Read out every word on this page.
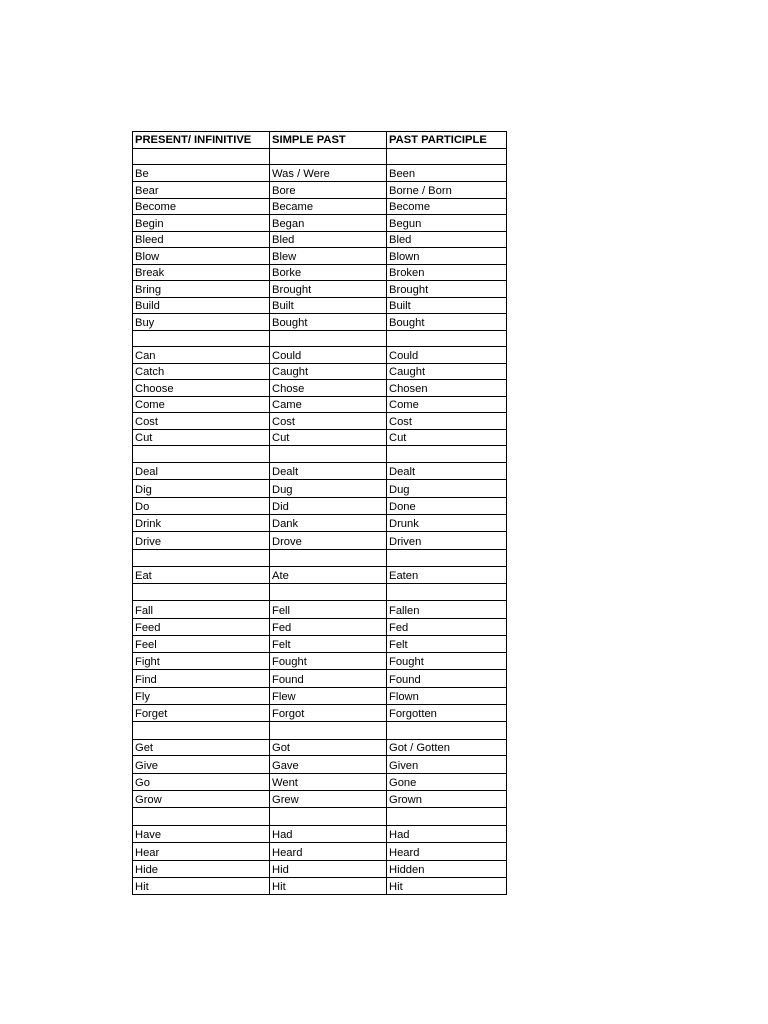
PRESENT/ INFINITIVE	SIMPLE PAST	PAST PARTICIPLE

Be	Was / Were	Been
Bear	Bore	Borne / Born
Become	Became	Become
Begin	Began	Begun
Bleed	Bled	Bled
Blow	Blew	Blown
Break	Borke	Broken
Bring	Brought	Brought
Build	Built	Built
Buy	Bought	Bought

Can	Could	Could
Catch	Caught	Caught
Choose	Chose	Chosen
Come	Came	Come
Cost	Cost	Cost
Cut	Cut	Cut

Deal	Dealt	Dealt
Dig	Dug	Dug
Do	Did	Done
Drink	Dank	Drunk
Drive	Drove	Driven

Eat	Ate	Eaten

Fall	Fell	Fallen
Feed	Fed	Fed
Feel	Felt	Felt
Fight	Fought	Fought
Find	Found	Found
Fly	Flew	Flown
Forget	Forgot	Forgotten

Get	Got	Got / Gotten
Give	Gave	Given
Go	Went	Gone
Grow	Grew	Grown

Have	Had	Had
Hear	Heard	Heard
Hide	Hid	Hidden
Hit	Hit	Hit
